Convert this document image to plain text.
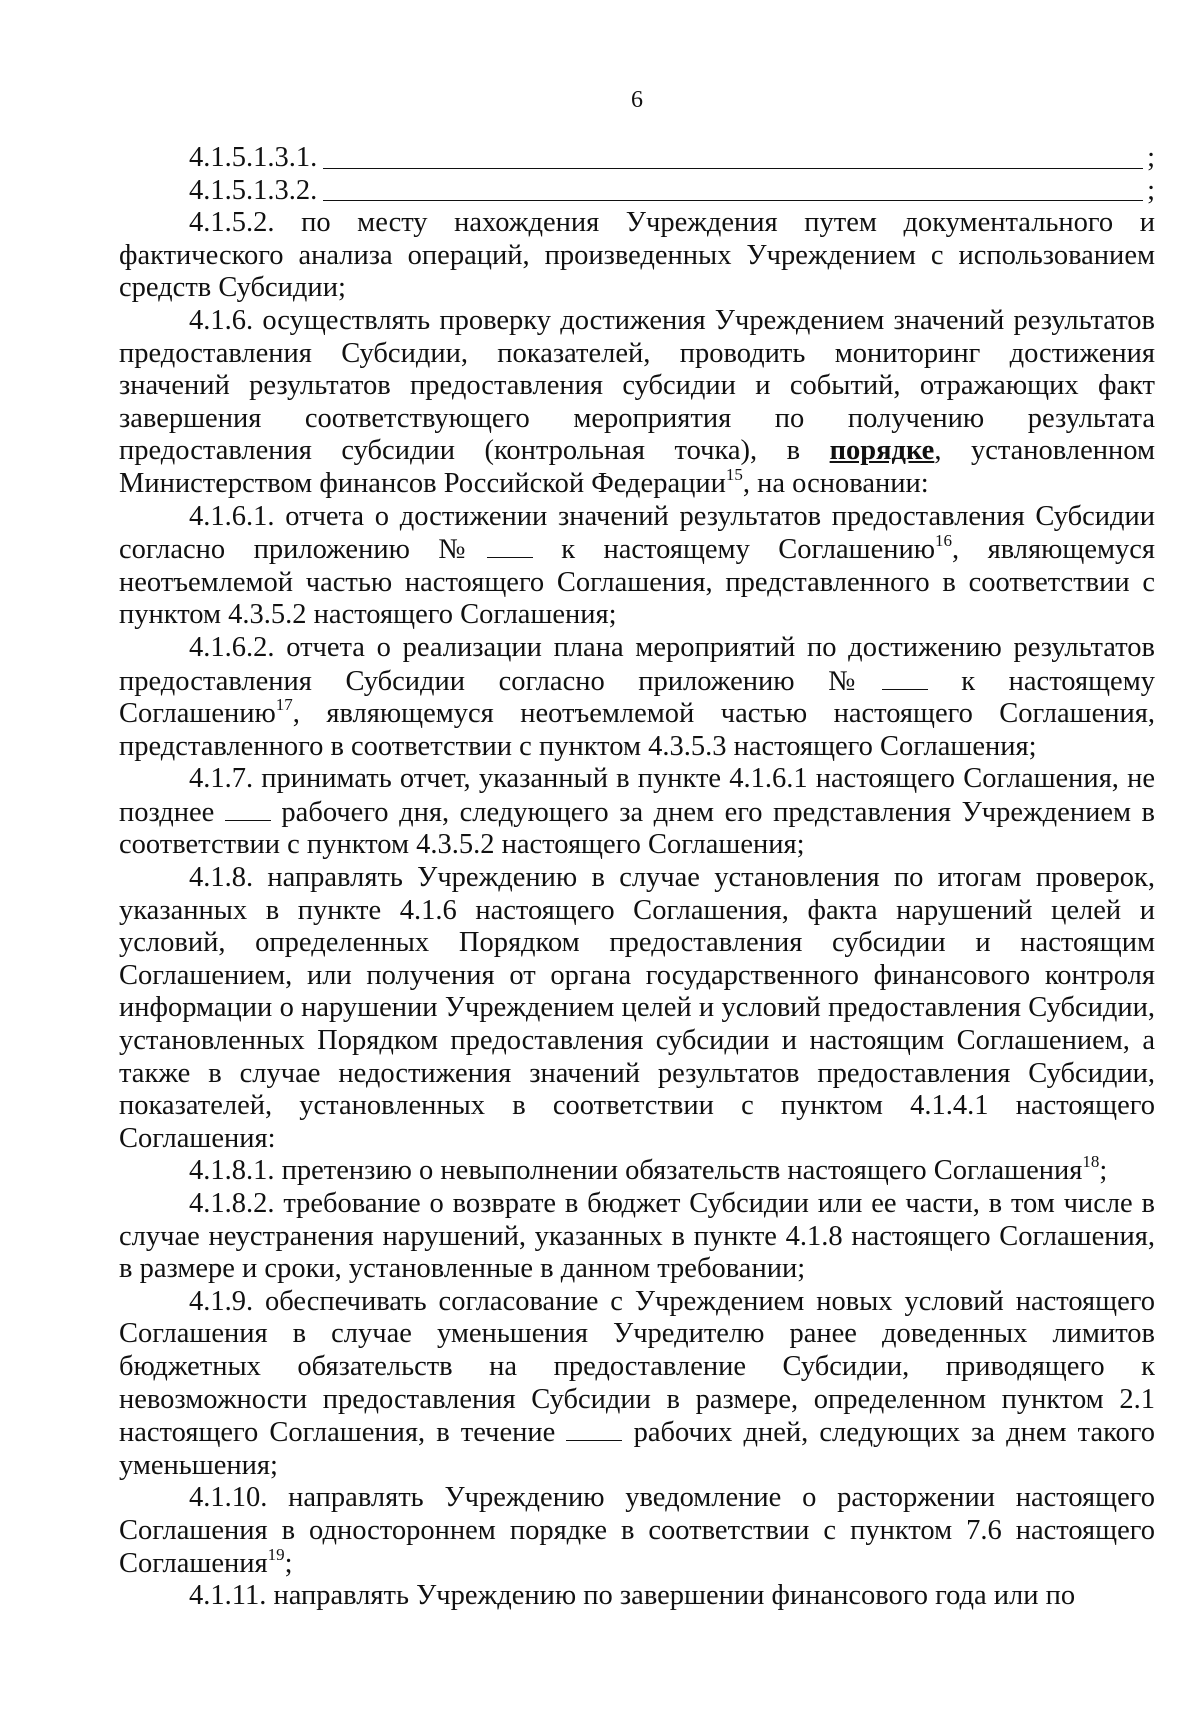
6
4.1.5.1.3.1.	;
4.1.5.1.3.2.	;

4.1.5.2. по месту нахождения Учреждения путем документального и фактического анализа операций, произведенных Учреждением с использованием средств Субсидии;

4.1.6. осуществлять проверку достижения Учреждением значений результатов предоставления Субсидии, показателей, проводить мониторинг достижения значений результатов предоставления субсидии и событий, отражающих факт завершения соответствующего мероприятия по получению результата предоставления субсидии (контрольная точка), в порядке, установленном Министерством финансов Российской Федерации$^{15}$, на основании:

4.1.6.1. отчета о достижении значений результатов предоставления Субсидии согласно приложению №	к настоящему Соглашению$^{16}$, являющемуся неотъемлемой частью настоящего Соглашения, представленного в соответствии с пунктом 4.3.5.2 настоящего Соглашения;

4.1.6.2. отчета о реализации плана мероприятий по достижению результатов предоставления Субсидии согласно приложению №	к настоящему Соглашению$^{17}$, являющемуся неотъемлемой частью настоящего Соглашения, представленного в соответствии с пунктом 4.3.5.3 настоящего Соглашения;

4.1.7. принимать отчет, указанный в пункте 4.1.6.1 настоящего Соглашения, не позднее рабочего дня, следующего за днем его представления Учреждением в соответствии с пунктом 4.3.5.2 настоящего Соглашения;

4.1.8. направлять Учреждению в случае установления по итогам проверок, указанных в пункте 4.1.6 настоящего Соглашения, факта нарушений целей и условий, определенных Порядком предоставления субсидии и настоящим Соглашением, или получения от органа государственного финансового контроля информации о нарушении Учреждением целей и условий предоставления Субсидии, установленных Порядком предоставления субсидии и настоящим Соглашением, а также в случае недостижения значений результатов предоставления Субсидии, показателей, установленных в соответствии с пунктом 4.1.4.1 настоящего Соглашения:

4.1.8.1. претензию о невыполнении обязательств настоящего Соглашения$^{18}$;

4.1.8.2. требование о возврате в бюджет Субсидии или ее части, в том числе в случае неустранения нарушений, указанных в пункте 4.1.8 настоящего Соглашения, в размере и сроки, установленные в данном требовании;

4.1.9. обеспечивать согласование с Учреждением новых условий настоящего Соглашения в случае уменьшения Учредителю ранее доведенных лимитов бюджетных обязательств на предоставление Субсидии, приводящего к невозможности предоставления Субсидии в размере, определенном пунктом 2.1 настоящего Соглашения, в течение	рабочих дней, следующих за днем такого уменьшения;

4.1.10. направлять Учреждению уведомление о расторжении настоящего Соглашения в одностороннем порядке в соответствии с пунктом 7.6 настоящего Соглашения$^{19}$;

4.1.11. направлять Учреждению по завершении финансового года или по
